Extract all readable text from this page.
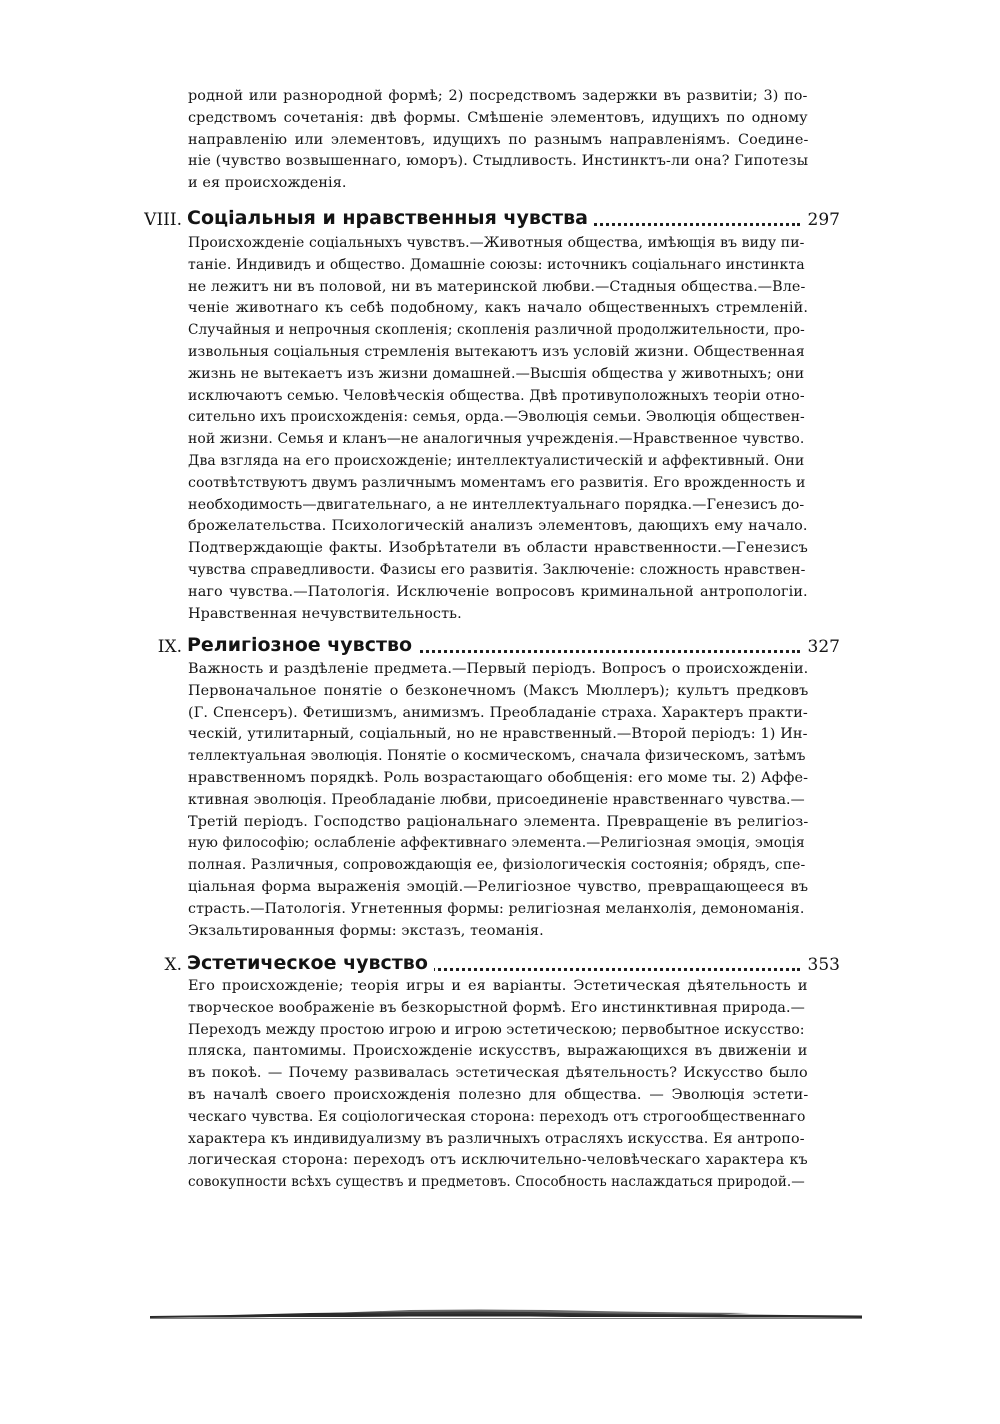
родной или разнородной формѣ; 2) посредствомъ задержки въ развитіи; 3) по-
средствомъ сочетанія: двѣ формы. Смѣшеніе элементовъ, идущихъ по одному
направленію или элементовъ, идущихъ по разнымъ направленіямъ. Соедине-
ніе (чувство возвышеннаго, юморъ). Стыдливость. Инстинктъ-ли она? Гипотезы
и ея происхожденія.
VIII. Соціальныя и нравственныя чувства	297
Происхожденіе соціальныхъ чувствъ.—Животныя общества, имѣющія въ виду пи-
таніе. Индивидъ и общество. Домашніе союзы: источникъ соціальнаго инстинкта
не лежитъ ни въ половой, ни въ материнской любви.—Стадныя общества.—Вле-
ченіе животнаго къ себѣ подобному, какъ начало общественныхъ стремленій.
Случайныя и непрочныя скопленія; скопленія различной продолжительности, про-
извольныя соціальныя стремленія вытекаютъ изъ условій жизни. Общественная
жизнь не вытекаетъ изъ жизни домашней.—Высшія общества у животныхъ; они
исключаютъ семью. Человѣческія общества. Двѣ противуположныхъ теоріи отно-
сительно ихъ происхожденія: семья, орда.—Эволюція семьи. Эволюція обществен-
ной жизни. Семья и кланъ—не аналогичныя учрежденія.—Нравственное чувство.
Два взгляда на его происхожденіе; интеллектуалистическій и аффективный. Они
соотвѣтствуютъ двумъ различнымъ моментамъ его развитія. Его врожденность и
необходимость—двигательнаго, а не интеллектуальнаго порядка.—Генезисъ до-
брожелательства. Психологическій анализъ элементовъ, дающихъ ему начало.
Подтверждающіе факты. Изобрѣтатели въ области нравственности.—Генезисъ
чувства справедливости. Фазисы его развитія. Заключеніе: сложность нравствен-
наго чувства.—Патологія. Исключеніе вопросовъ криминальной антропологіи.
Нравственная нечувствительность.
IX. Религіозное чувство	327
Важность и раздѣленіе предмета.—Первый періодъ. Вопросъ о происхожденіи.
Первоначальное понятіе о безконечномъ (Максъ Мюллеръ); культъ предковъ
(Г. Спенсеръ). Фетишизмъ, анимизмъ. Преобладаніе страха. Характеръ практи-
ческій, утилитарный, соціальный, но не нравственный.—Второй періодъ: 1) Ин-
теллектуальная эволюція. Понятіе о космическомъ, сначала физическомъ, затѣмъ
нравственномъ порядкѣ. Роль возрастающаго обобщенія: его моме ты. 2) Аффе-
ктивная эволюція. Преобладаніе любви, присоединеніе нравственнаго чувства.—
Третій періодъ. Господство раціональнаго элемента. Превращеніе въ религіоз-
ную философію; ослабленіе аффективнаго элемента.—Религіозная эмоція, эмоція
полная. Различныя, сопровождающія ее, физіологическія состоянія; обрядъ, спе-
ціальная форма выраженія эмоцій.—Религіозное чувство, превращающееся въ
страсть.—Патологія. Угнетенныя формы: религіозная меланхолія, демономанія.
Экзальтированныя формы: экстазъ, теоманія.
X. Эстетическое чувство	353
Его происхожденіе; теорія игры и ея варіанты. Эстетическая дѣятельность и
творческое воображеніе въ безкорыстной формѣ. Его инстинктивная природа.—
Переходъ между простою игрою и игрою эстетическою; первобытное искусство:
пляска, пантомимы. Происхожденіе искусствъ, выражающихся въ движеніи и
въ покоѣ. — Почему развивалась эстетическая дѣятельность? Искусство было
въ началѣ своего происхожденія полезно для общества. — Эволюція эстети-
ческаго чувства. Ея соціологическая сторона: переходъ отъ строгообщественнаго
характера къ индивидуализму въ различныхъ отрасляхъ искусства. Ея антропо-
логическая сторона: переходъ отъ исключительно-человѣческаго характера къ
совокупности всѣхъ существъ и предметовъ. Способность наслаждаться природой.—
